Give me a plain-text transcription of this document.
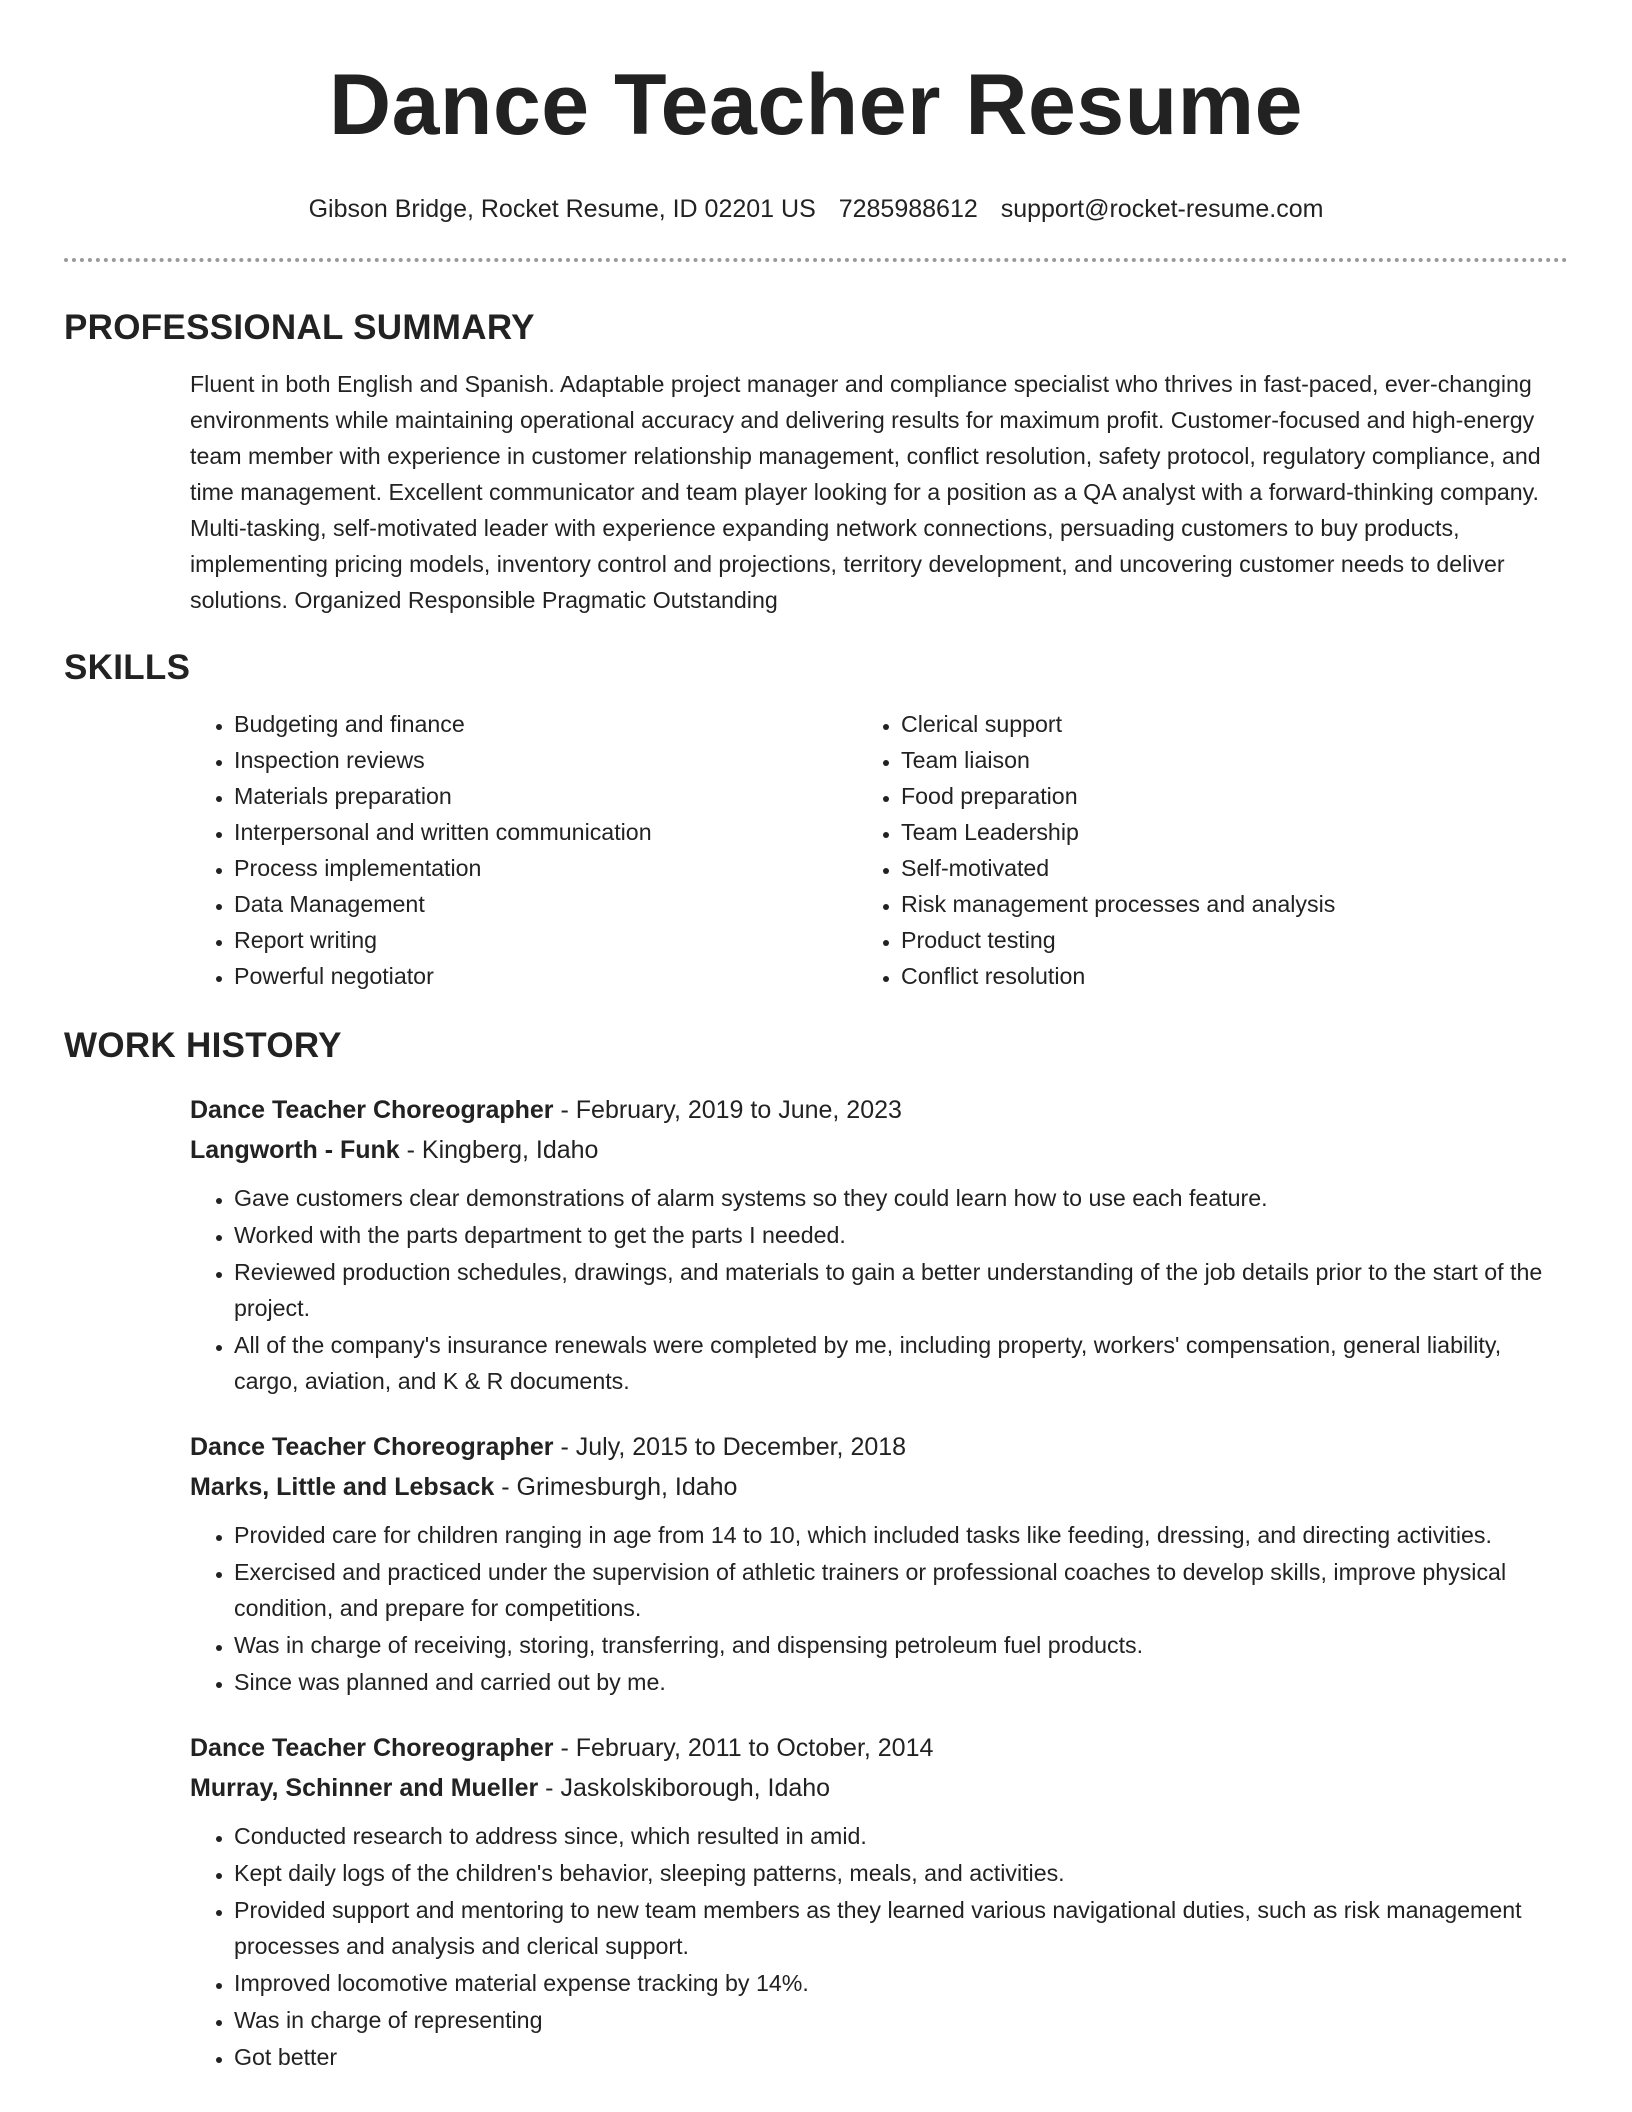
Dance Teacher Resume
Gibson Bridge, Rocket Resume, ID 02201 US 7285988612 support@rocket-resume.com
PROFESSIONAL SUMMARY

Fluent in both English and Spanish. Adaptable project manager and compliance specialist who thrives in fast-paced, ever-changing environments while maintaining operational accuracy and delivering results for maximum profit. Customer-focused and high-energy team member with experience in customer relationship management, conflict resolution, safety protocol, regulatory compliance, and time management. Excellent communicator and team player looking for a position as a QA analyst with a forward-thinking company. Multi-tasking, self-motivated leader with experience expanding network connections, persuading customers to buy products, implementing pricing models, inventory control and projections, territory development, and uncovering customer needs to deliver solutions. Organized Responsible Pragmatic Outstanding

SKILLS
• Budgeting and finance
• Inspection reviews
• Materials preparation
• Interpersonal and written communication
• Process implementation
• Data Management
• Report writing
• Powerful negotiator
• Clerical support
• Team liaison
• Food preparation
• Team Leadership
• Self-motivated
• Risk management processes and analysis
• Product testing
• Conflict resolution
WORK HISTORY
Dance Teacher Choreographer - February, 2019 to June, 2023
Langworth - Funk - Kingberg, Idaho
• Gave customers clear demonstrations of alarm systems so they could learn how to use each feature.
• Worked with the parts department to get the parts I needed.
• Reviewed production schedules, drawings, and materials to gain a better understanding of the job details prior to the start of the project.
• All of the company's insurance renewals were completed by me, including property, workers' compensation, general liability, cargo, aviation, and K & R documents.
Dance Teacher Choreographer - July, 2015 to December, 2018
Marks, Little and Lebsack - Grimesburgh, Idaho
• Provided care for children ranging in age from 14 to 10, which included tasks like feeding, dressing, and directing activities.
• Exercised and practiced under the supervision of athletic trainers or professional coaches to develop skills, improve physical condition, and prepare for competitions.
• Was in charge of receiving, storing, transferring, and dispensing petroleum fuel products.
• Since was planned and carried out by me.
Dance Teacher Choreographer - February, 2011 to October, 2014
Murray, Schinner and Mueller - Jaskolskiborough, Idaho
• Conducted research to address since, which resulted in amid.
• Kept daily logs of the children's behavior, sleeping patterns, meals, and activities.
• Provided support and mentoring to new team members as they learned various navigational duties, such as risk management processes and analysis and clerical support.
• Improved locomotive material expense tracking by 14%.
• Was in charge of representing
• Got better
